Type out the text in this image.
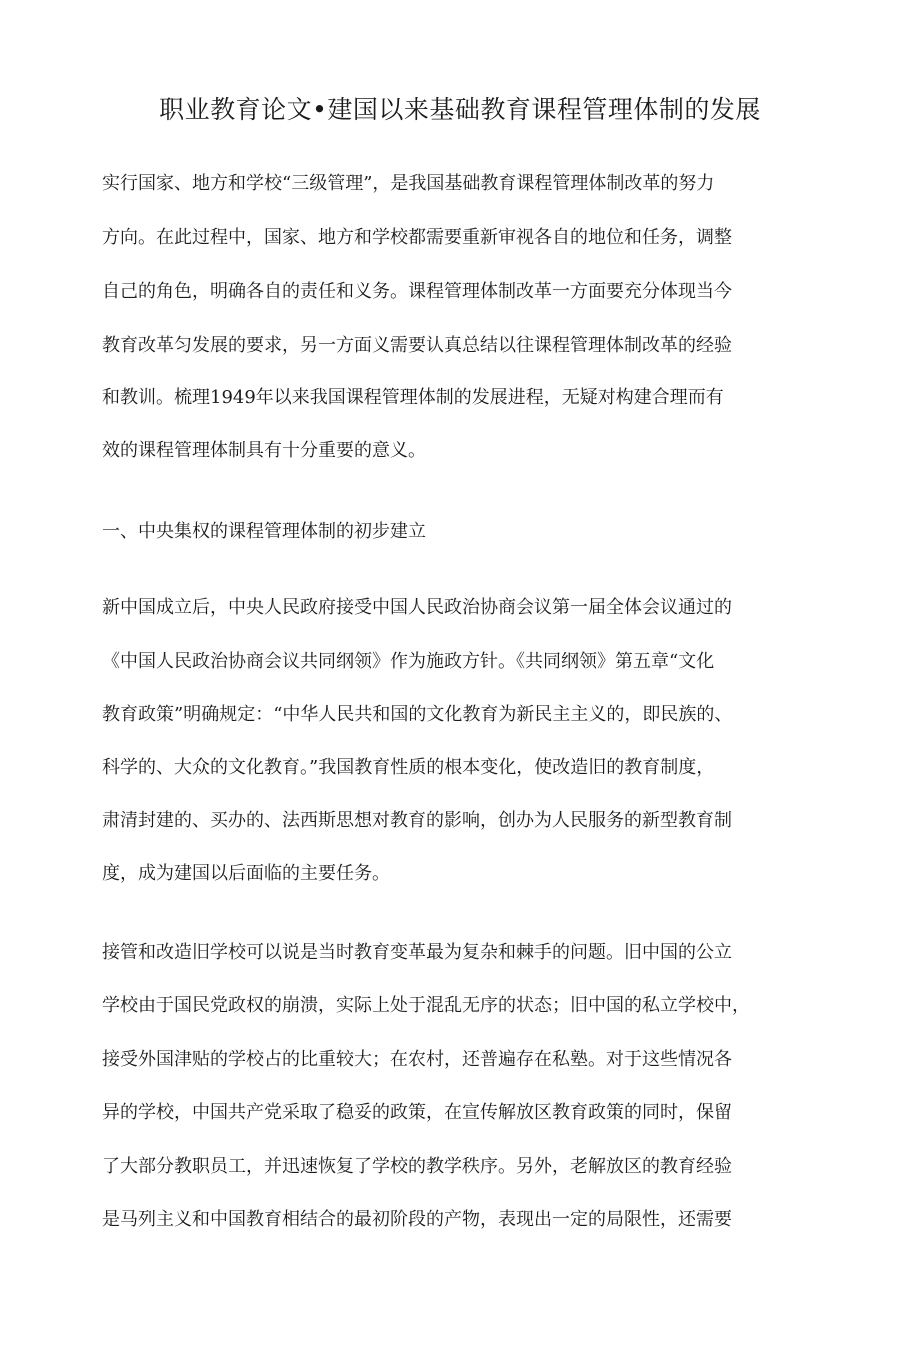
职业教育论文•建国以来基础教育课程管理体制的发展

实行国家、地方和学校“三级管理”，是我国基础教育课程管理体制改革的努力

方向。在此过程中，国家、地方和学校都需要重新审视各自的地位和任务，调整

自己的角色，明确各自的责任和义务。课程管理体制改革一方面要充分体现当今

教育改革匀发展的要求，另一方面义需要认真总结以往课程管理体制改革的经验

和教训。梳理1949年以来我国课程管理体制的发展进程，无疑对构建合理而有

效的课程管理体制具有十分重要的意义。

一、中央集权的课程管理体制的初步建立

新中国成立后，中央人民政府接受中国人民政治协商会议第一届全体会议通过的

《中国人民政治协商会议共同纲领》作为施政方针。《共同纲领》第五章“文化

教育政策”明确规定：“中华人民共和国的文化教育为新民主主义的，即民族的、

科学的、大众的文化教育。”我国教育性质的根本变化，使改造旧的教育制度，

肃清封建的、买办的、法西斯思想对教育的影响，创办为人民服务的新型教育制

度，成为建国以后面临的主要任务。

接管和改造旧学校可以说是当时教育变革最为复杂和棘手的问题。旧中国的公立

学校由于国民党政权的崩溃，实际上处于混乱无序的状态；旧中国的私立学校中，

接受外国津贴的学校占的比重较大；在农村，还普遍存在私塾。对于这些情况各

异的学校，中国共产党采取了稳妥的政策，在宣传解放区教育政策的同时，保留

了大部分教职员工，并迅速恢复了学校的教学秩序。另外，老解放区的教育经验

是马列主义和中国教育相结合的最初阶段的产物，表现出一定的局限性，还需要
